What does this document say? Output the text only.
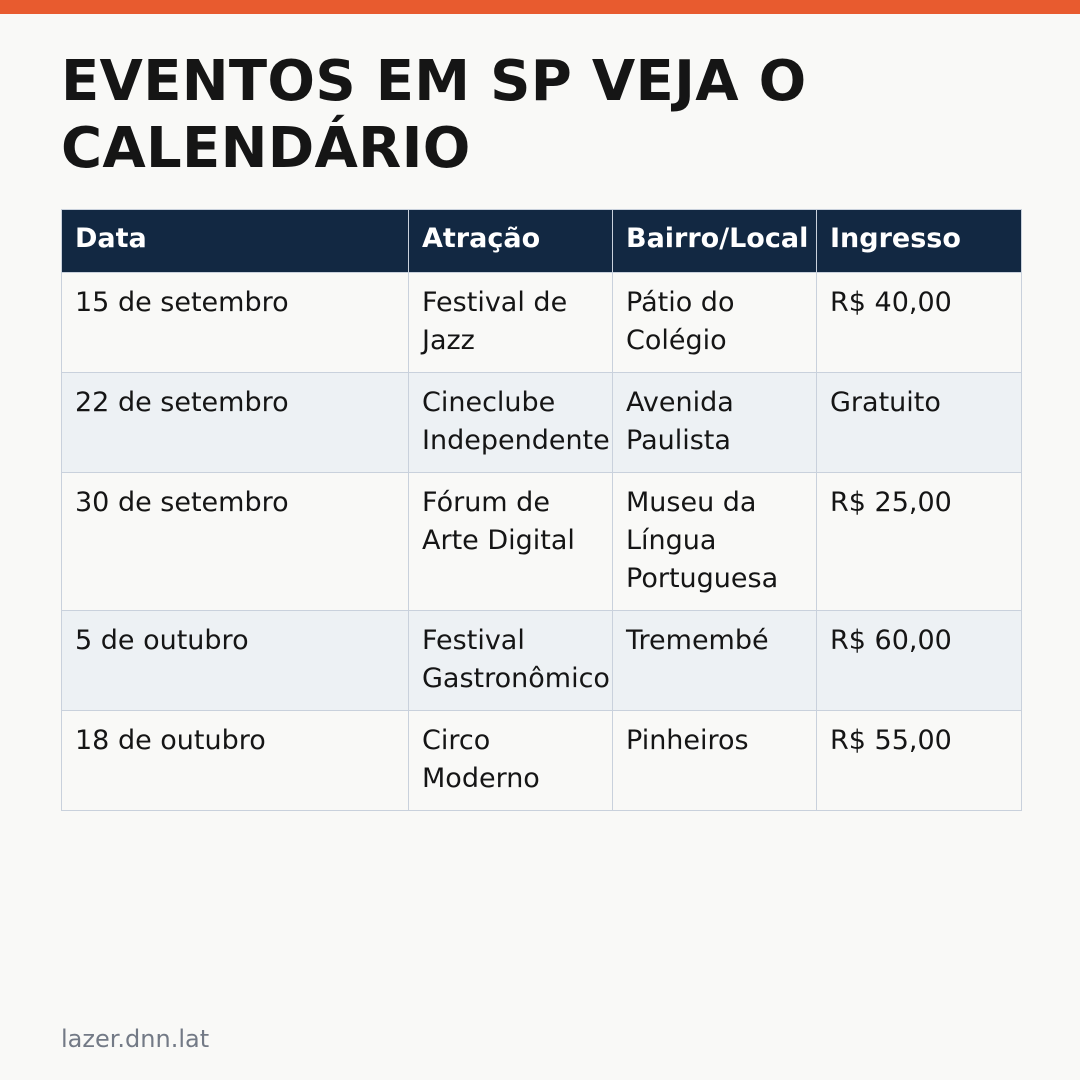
EVENTOS EM SP VEJA O CALENDÁRIO
Data	Atração	Bairro/Local	Ingresso
15 de setembro	Festival de Jazz	Pátio do Colégio	R$ 40,00
22 de setembro	Cineclube Independente	Avenida Paulista	Gratuito
30 de setembro	Fórum de Arte Digital	Museu da Língua Portuguesa	R$ 25,00
5 de outubro	Festival Gastronômico	Tremembé	R$ 60,00
18 de outubro	Circo Moderno	Pinheiros	R$ 55,00
lazer.dnn.lat
